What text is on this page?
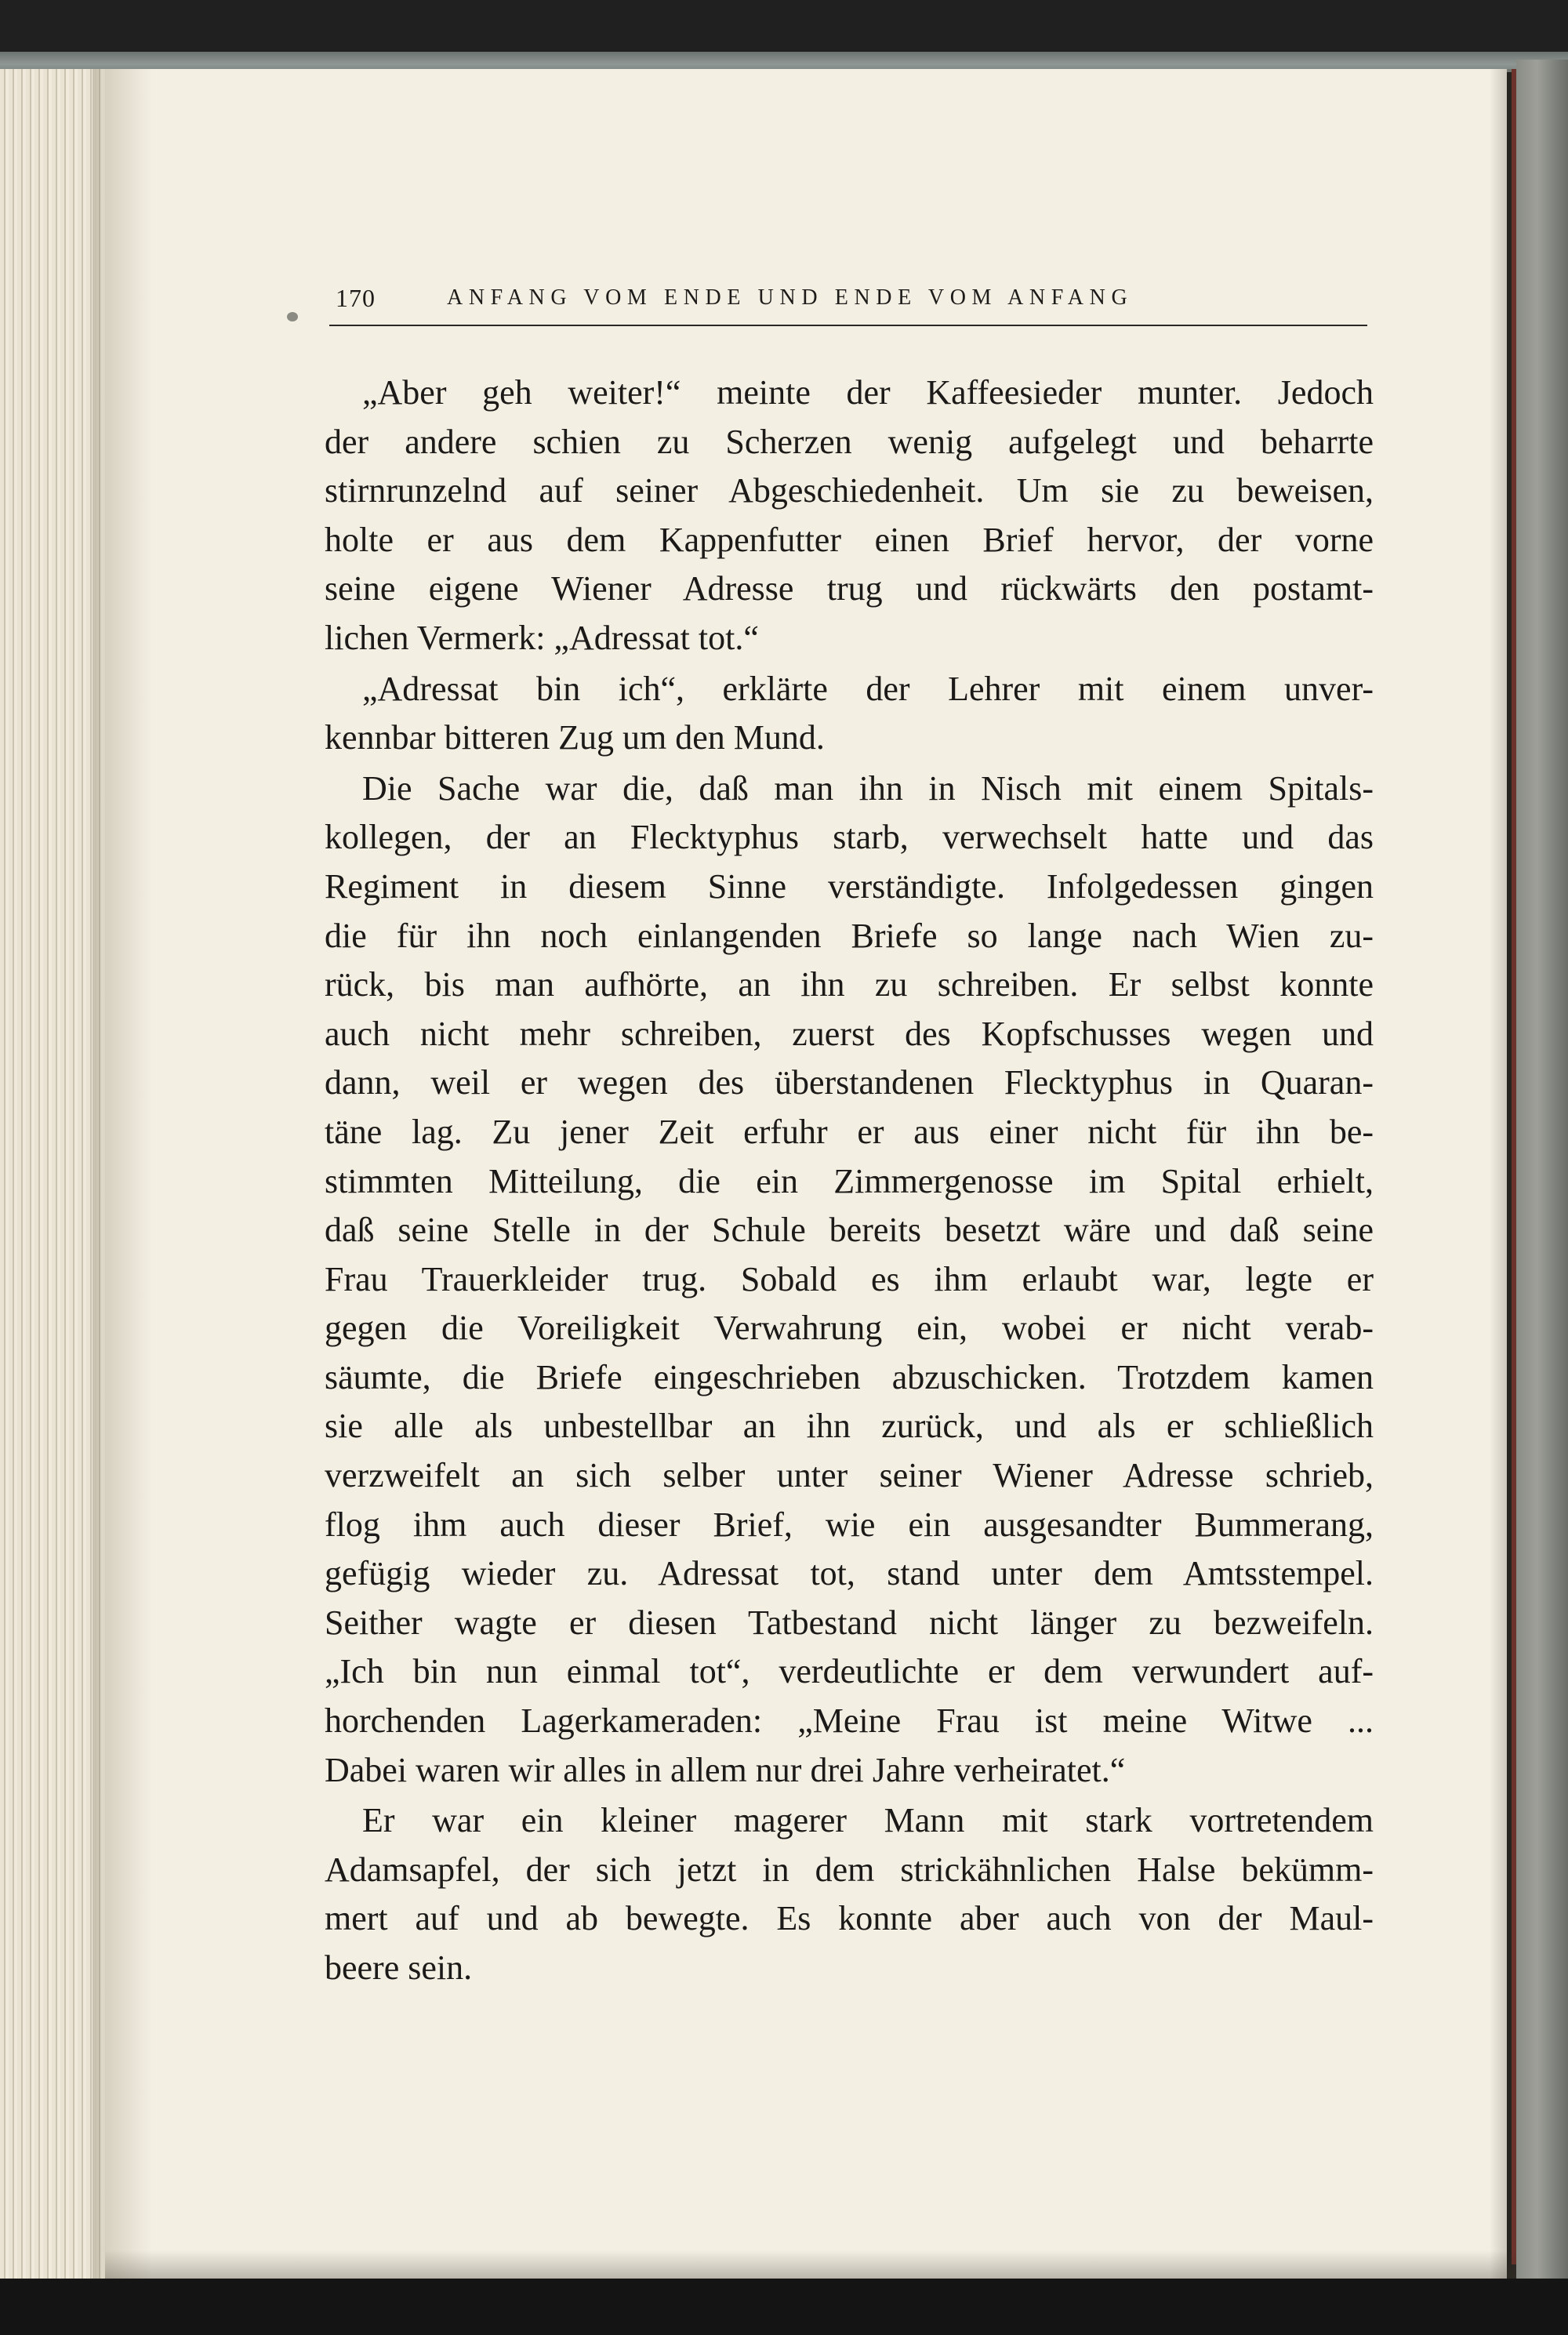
170	ANFANG VOM ENDE UND ENDE VOM ANFANG
„Aber geh weiter!“ meinte der Kaffeesieder munter. Jedoch
der andere schien zu Scherzen wenig aufgelegt und beharrte
stirnrunzelnd auf seiner Abgeschiedenheit. Um sie zu beweisen,
holte er aus dem Kappenfutter einen Brief hervor, der vorne
seine eigene Wiener Adresse trug und rückwärts den postamt-
lichen Vermerk: „Adressat tot.“
„Adressat bin ich“, erklärte der Lehrer mit einem unver-
kennbar bitteren Zug um den Mund.
Die Sache war die, daß man ihn in Nisch mit einem Spitals-
kollegen, der an Flecktyphus starb, verwechselt hatte und das
Regiment in diesem Sinne verständigte. Infolgedessen gingen
die für ihn noch einlangenden Briefe so lange nach Wien zu-
rück, bis man aufhörte, an ihn zu schreiben. Er selbst konnte
auch nicht mehr schreiben, zuerst des Kopfschusses wegen und
dann, weil er wegen des überstandenen Flecktyphus in Quaran-
täne lag. Zu jener Zeit erfuhr er aus einer nicht für ihn be-
stimmten Mitteilung, die ein Zimmergenosse im Spital erhielt,
daß seine Stelle in der Schule bereits besetzt wäre und daß seine
Frau Trauerkleider trug. Sobald es ihm erlaubt war, legte er
gegen die Voreiligkeit Verwahrung ein, wobei er nicht verab-
säumte, die Briefe eingeschrieben abzuschicken. Trotzdem kamen
sie alle als unbestellbar an ihn zurück, und als er schließlich
verzweifelt an sich selber unter seiner Wiener Adresse schrieb,
flog ihm auch dieser Brief, wie ein ausgesandter Bummerang,
gefügig wieder zu. Adressat tot, stand unter dem Amtsstempel.
Seither wagte er diesen Tatbestand nicht länger zu bezweifeln.
„Ich bin nun einmal tot“, verdeutlichte er dem verwundert auf-
horchenden Lagerkameraden: „Meine Frau ist meine Witwe ...
Dabei waren wir alles in allem nur drei Jahre verheiratet.“
Er war ein kleiner magerer Mann mit stark vortretendem
Adamsapfel, der sich jetzt in dem strickähnlichen Halse bekümm-
mert auf und ab bewegte. Es konnte aber auch von der Maul-
beere sein.
